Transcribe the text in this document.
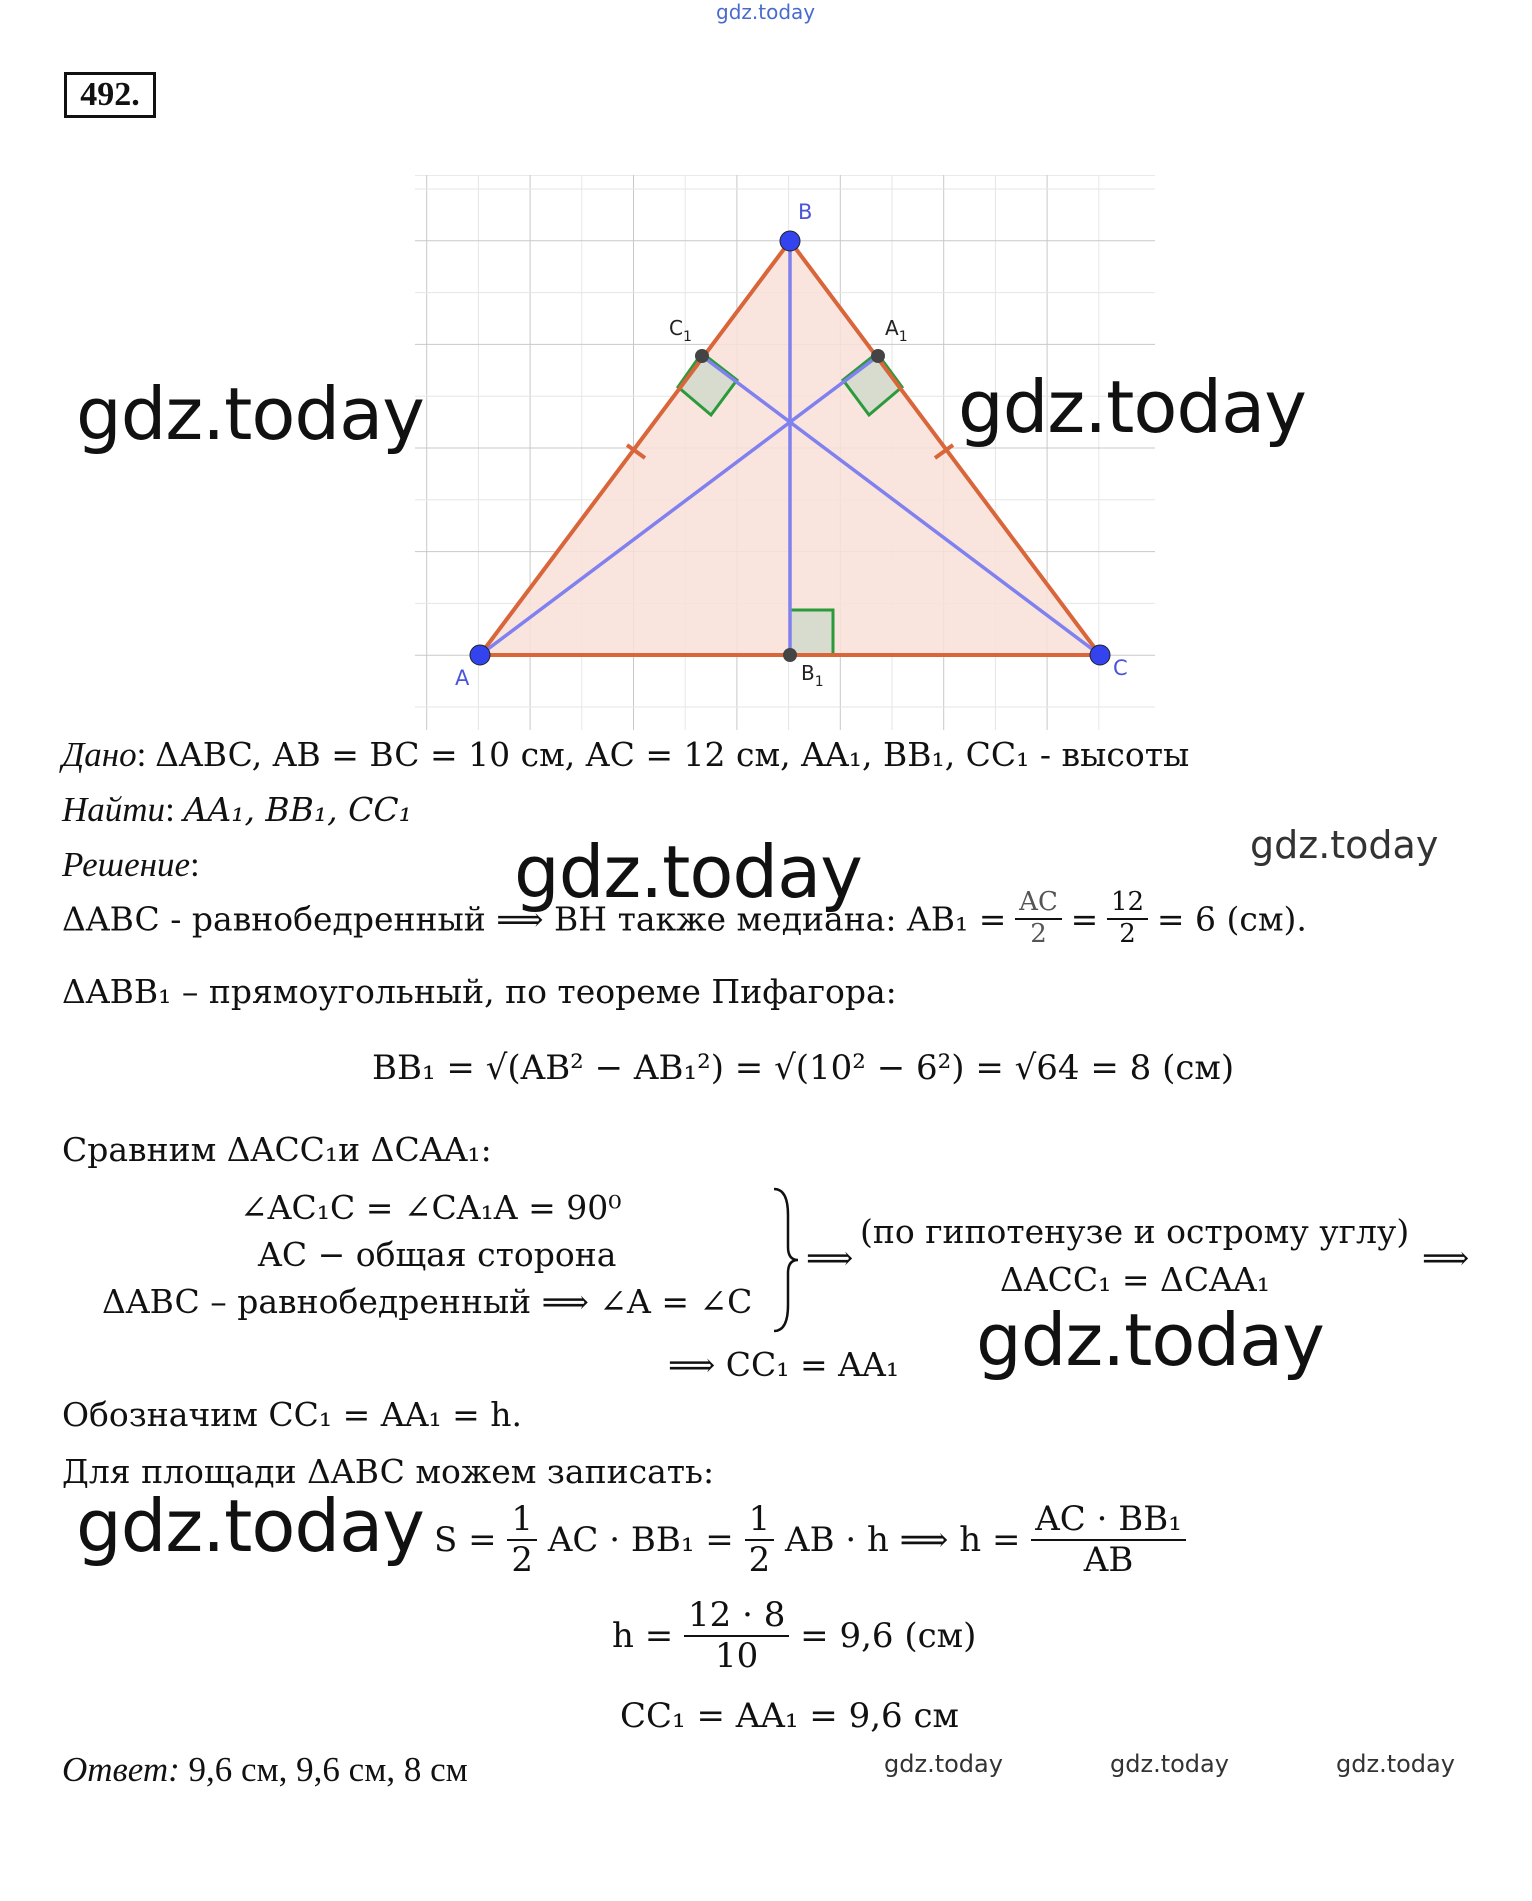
gdz.today
492.
A
B
C
$C_1$	$A_1$
$B_1$
gdz.today	gdz.today
gdz.today	gdz.today
gdz.today
gdz.today
gdz.today	gdz.today	gdz.today
Дано: ΔABC, AB = BC = 10 см, AC = 12 см, AA₁, BB₁, CC₁ - высоты
Найти: AA₁, BB₁, CC₁
Решение:
ΔABC - равнобедренный ⟹ BH также медиана: $AB_1 = \frac{AC}{2} = \frac{12}{2} = 6$ (см).
ΔABB₁ – прямоугольный, по теореме Пифагора:
BB₁ = √(AB² − AB₁²) = √(10² − 6²) = √64 = 8 (см)
Сравним ΔACC₁и ΔCAA₁:
∠AC₁C = ∠CA₁A = 90⁰
AC − общая сторона
ΔABC – равнобедренный ⟹ ∠A = ∠C
⟹
(по гипотенузе и острому углу)
⟹
ΔACC₁ = ΔCAA₁
⟹ CC₁ = AA₁
Обозначим CC₁ = AA₁ = h.
Для площади ΔABC можем записать:
$S = \frac{1}{2}$ AC · $BB_1 = \frac{1}{2}$ AB · h ⟹ $h = \frac{\text{AC · BB₁}}{AB}$
$h = \frac{12 \cdot 8}{10} = 9,6$ (см)
CC₁ = AA₁ = 9,6 см
Ответ: 9,6 см, 9,6 см, 8 см
